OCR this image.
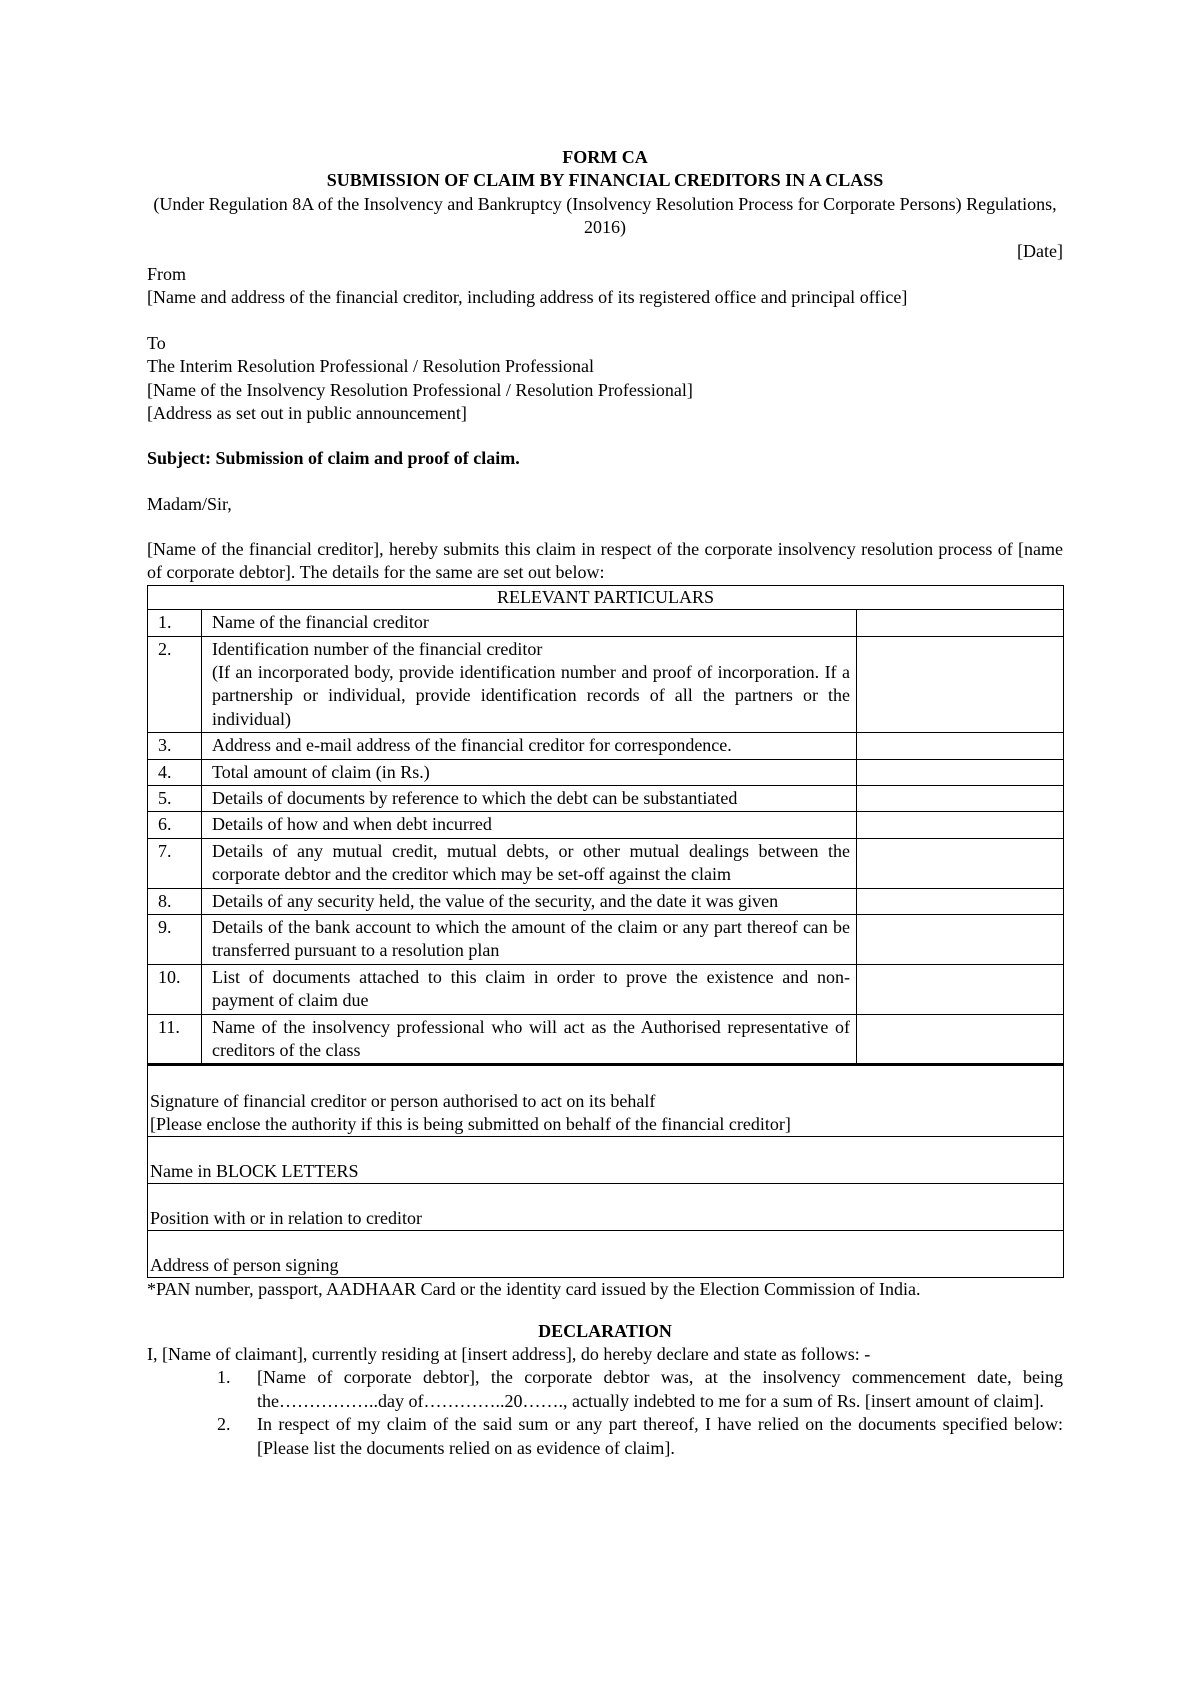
FORM CA

SUBMISSION OF CLAIM BY FINANCIAL CREDITORS IN A CLASS

(Under Regulation 8A of the Insolvency and Bankruptcy (Insolvency Resolution Process for Corporate Persons) Regulations, 2016)

[Date]

From

[Name and address of the financial creditor, including address of its registered office and principal office]

To

The Interim Resolution Professional / Resolution Professional

[Name of the Insolvency Resolution Professional / Resolution Professional]

[Address as set out in public announcement]

Subject: Submission of claim and proof of claim.

Madam/Sir,

[Name of the financial creditor], hereby submits this claim in respect of the corporate insolvency resolution process of [name of corporate debtor]. The details for the same are set out below:

RELEVANT PARTICULARS		
1.	Name of the financial creditor	

2.	Identification number of the financial creditor
(If an incorporated body, provide identification number and proof of incorporation. If a partnership or individual, provide identification records of all the partners or the individual)	

3.	Address and e-mail address of the financial creditor for correspondence.	

4.	Total amount of claim (in Rs.)	

5.	Details of documents by reference to which the debt can be substantiated	

6.	Details of how and when debt incurred	

7.	Details of any mutual credit, mutual debts, or other mutual dealings between the corporate debtor and the creditor which may be set-off against the claim	

8.	Details of any security held, the value of the security, and the date it was given	

9.	Details of the bank account to which the amount of the claim or any part thereof can be transferred pursuant to a resolution plan	

10.	List of documents attached to this claim in order to prove the existence and non-payment of claim due	

11.	Name of the insolvency professional who will act as the Authorised representative of creditors of the class	

Signature of financial creditor or person authorised to act on its behalf
[Please enclose the authority if this is being submitted on behalf of the financial creditor]

Name in BLOCK LETTERS
Position with or in relation to creditor
Address of person signing

*PAN number, passport, AADHAAR Card or the identity card issued by the Election Commission of India.

DECLARATION

I, [Name of claimant], currently residing at [insert address], do hereby declare and state as follows: -

1. [Name of corporate debtor], the corporate debtor was, at the insolvency commencement date, being the……………..day of…………..20……., actually indebted to me for a sum of Rs. [insert amount of claim].
2. In respect of my claim of the said sum or any part thereof, I have relied on the documents specified below: [Please list the documents relied on as evidence of claim].
